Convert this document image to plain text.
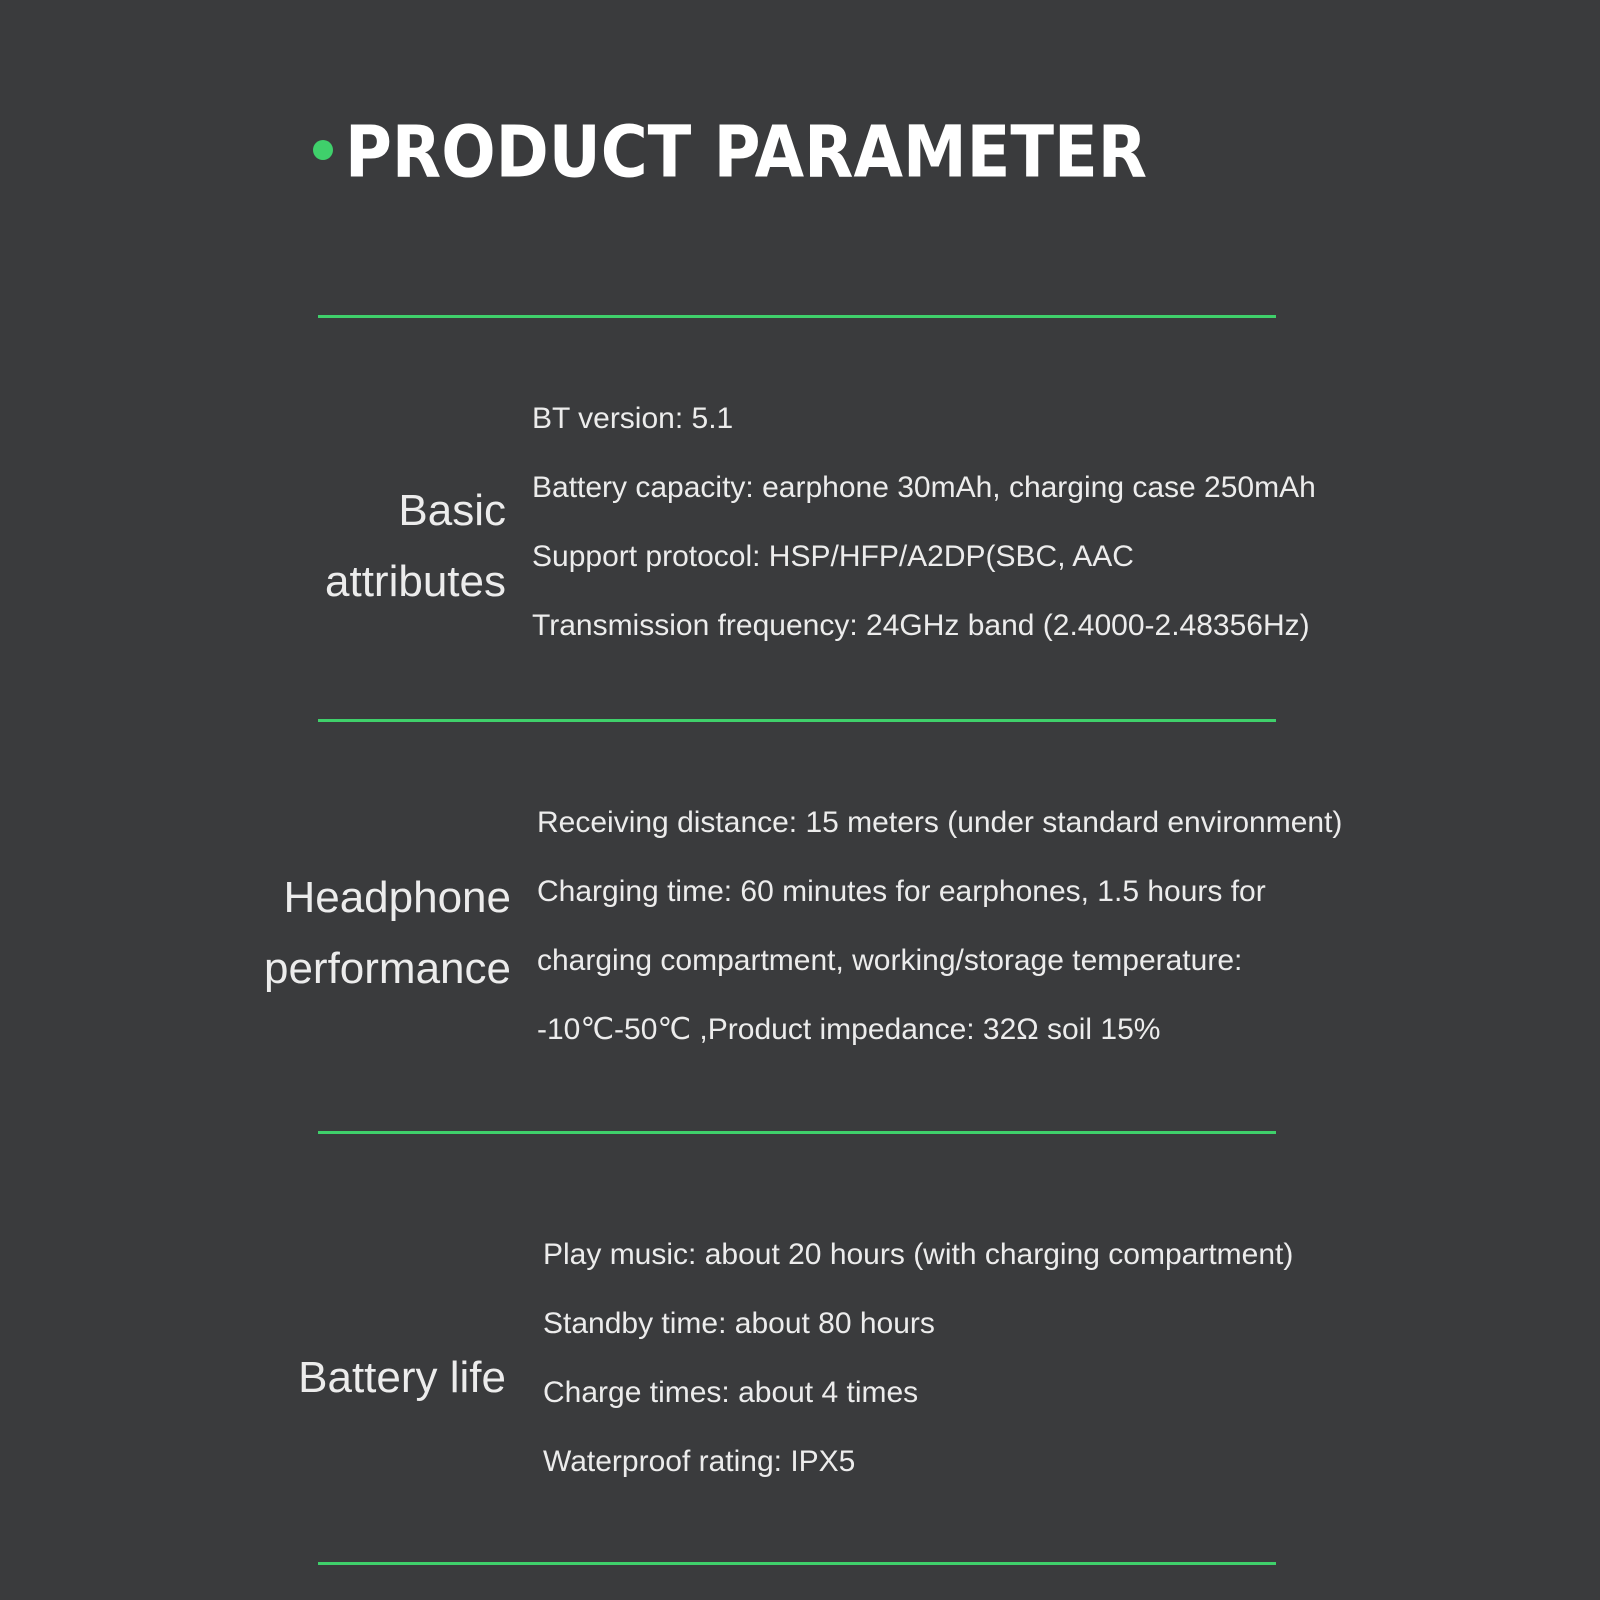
PRODUCT PARAMETER
Basic
attributes
BT version: 5.1
Battery capacity: earphone 30mAh, charging case 250mAh
Support protocol: HSP/HFP/A2DP(SBC, AAC
Transmission frequency: 24GHz band (2.4000-2.48356Hz)
Headphone
performance
Receiving distance: 15 meters (under standard environment)
Charging time: 60 minutes for earphones, 1.5 hours for
charging compartment, working/storage temperature:
-10℃-50℃ ,Product impedance: 32Ω soil 15%
Battery life
Play music: about 20 hours (with charging compartment)
Standby time: about 80 hours
Charge times: about 4 times
Waterproof rating: IPX5
